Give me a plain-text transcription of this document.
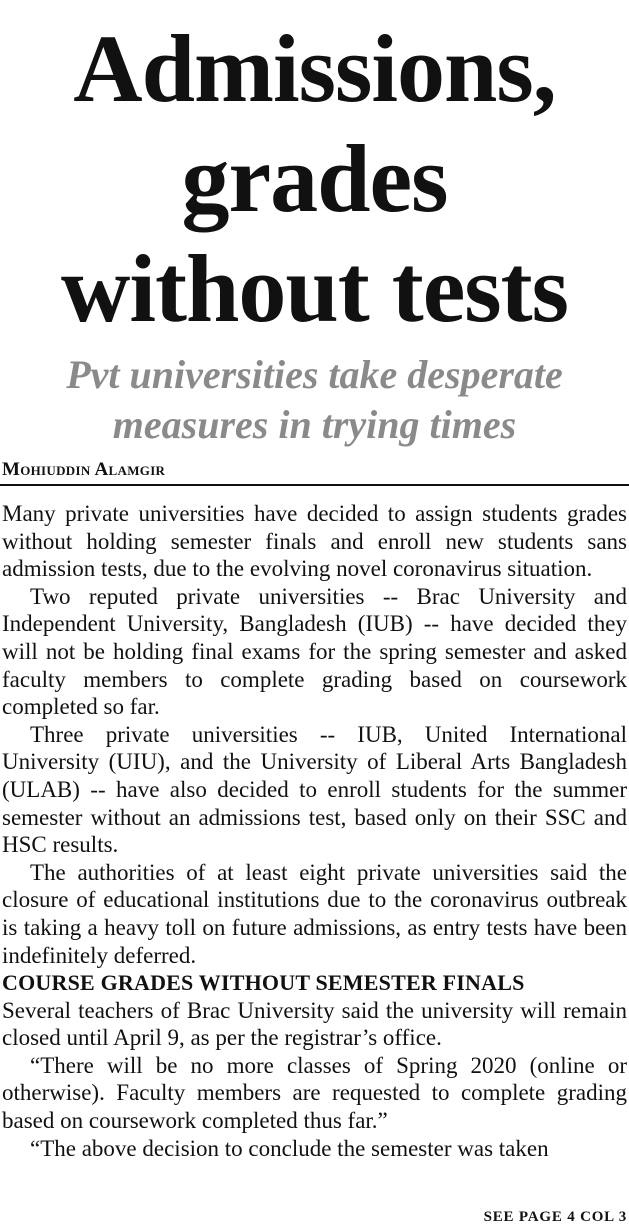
Admissions,
grades
without tests
Pvt universities take desperate
measures in trying times
Mohiuddin Alamgir

Many private universities have decided to assign students grades without holding semester finals and enroll new students sans admission tests, due to the evolving novel coronavirus situation.

Two reputed private universities -- Brac University and Independent University, Bangladesh (IUB) -- have decided they will not be holding final exams for the spring semester and asked faculty members to complete grading based on coursework completed so far.

Three private universities -- IUB, United International University (UIU), and the University of Liberal Arts Bangladesh (ULAB) -- have also decided to enroll students for the summer semester without an admissions test, based only on their SSC and HSC results.

The authorities of at least eight private universities said the closure of educational institutions due to the coronavirus outbreak is taking a heavy toll on future admissions, as entry tests have been indefinitely deferred.

COURSE GRADES WITHOUT SEMESTER FINALS

Several teachers of Brac University said the university will remain closed until April 9, as per the registrar’s office.

“There will be no more classes of Spring 2020 (online or otherwise). Faculty members are requested to complete grading based on coursework completed thus far.”

“The above decision to conclude the semester was taken

SEE PAGE 4 COL 3
